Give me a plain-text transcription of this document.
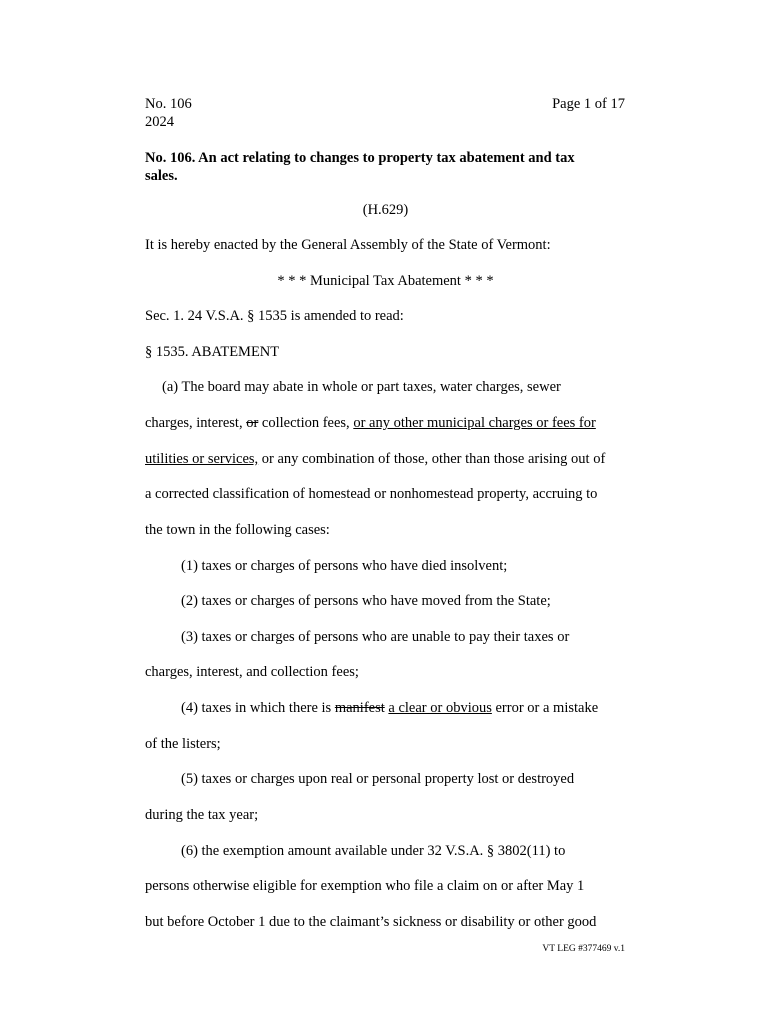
No. 106	Page 1 of 17
2024
No. 106. An act relating to changes to property tax abatement and tax
sales.
(H.629)
It is hereby enacted by the General Assembly of the State of Vermont:
* * * Municipal Tax Abatement * * *
Sec. 1. 24 V.S.A. § 1535 is amended to read:
§ 1535. ABATEMENT
(a) The board may abate in whole or part taxes, water charges, sewer
charges, interest, or collection fees, or any other municipal charges or fees for
utilities or services, or any combination of those, other than those arising out of
a corrected classification of homestead or nonhomestead property, accruing to
the town in the following cases:
(1) taxes or charges of persons who have died insolvent;
(2) taxes or charges of persons who have moved from the State;
(3) taxes or charges of persons who are unable to pay their taxes or
charges, interest, and collection fees;
(4) taxes in which there is manifest a clear or obvious error or a mistake
of the listers;
(5) taxes or charges upon real or personal property lost or destroyed
during the tax year;
(6) the exemption amount available under 32 V.S.A. § 3802(11) to
persons otherwise eligible for exemption who file a claim on or after May 1
but before October 1 due to the claimant’s sickness or disability or other good
VT LEG #377469 v.1
